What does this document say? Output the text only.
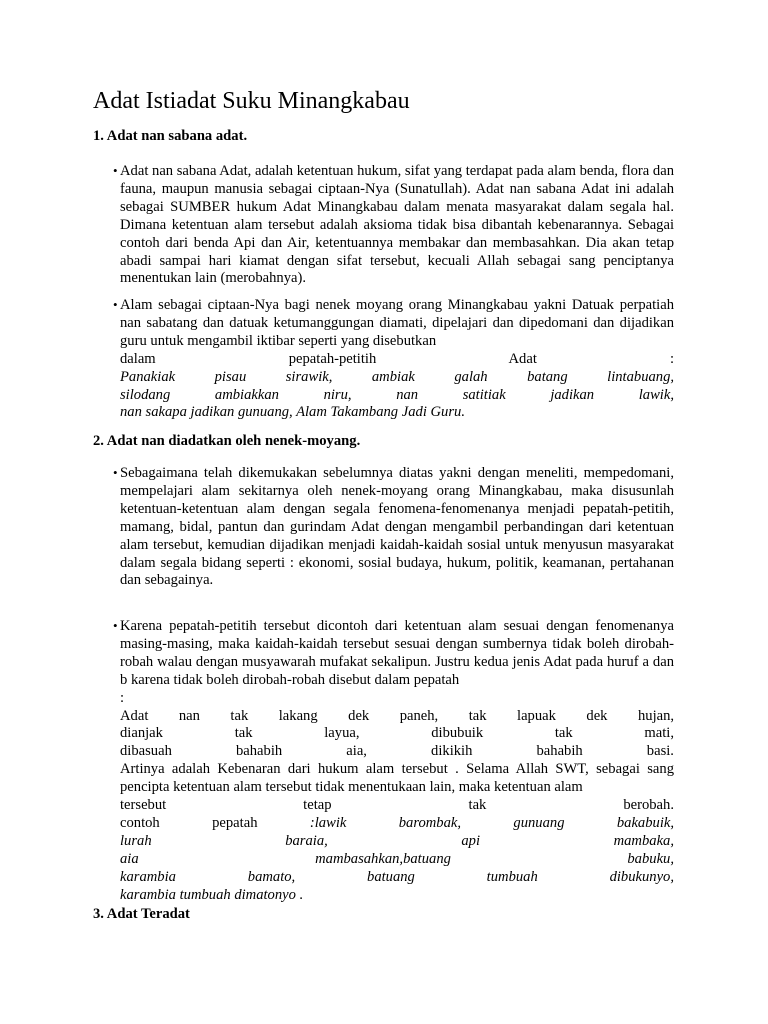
Adat Istiadat Suku Minangkabau
1. Adat nan sabana adat.
• Adat nan sabana Adat, adalah ketentuan hukum, sifat yang terdapat pada alam benda, flora dan fauna, maupun manusia sebagai ciptaan-Nya (Sunatullah). Adat nan sabana Adat ini adalah sebagai SUMBER hukum Adat Minangkabau dalam menata masyarakat dalam segala hal. Dimana ketentuan alam tersebut adalah aksioma tidak bisa dibantah kebenarannya. Sebagai contoh dari benda Api dan Air, ketentuannya membakar dan membasahkan. Dia akan tetap abadi sampai hari kiamat dengan sifat tersebut, kecuali Allah sebagai sang penciptanya menentukan lain (merobahnya).

• Alam sebagai ciptaan-Nya bagi nenek moyang orang Minangkabau yakni Datuak perpatiah nan sabatang dan datuak ketumanggungan diamati, dipelajari dan dipedomani dan dijadikan guru untuk mengambil iktibar seperti yang disebutkan

dalam	pepatah-petitih	Adat	:
Panakiak	pisau	sirawik,	ambiak	galah	batang	lintabuang,
silodang	ambiakkan	niru,	nan	satitiak	jadikan	lawik,
nan sakapa jadikan gunuang, Alam Takambang Jadi Guru.
2. Adat nan diadatkan oleh nenek-moyang.
• Sebagaimana telah dikemukakan sebelumnya diatas yakni dengan meneliti, mempedomani, mempelajari alam sekitarnya oleh nenek-moyang orang Minangkabau, maka disusunlah ketentuan-ketentuan alam dengan segala fenomena-fenomenanya menjadi pepatah-petitih, mamang, bidal, pantun dan gurindam Adat dengan mengambil perbandingan dari ketentuan alam tersebut, kemudian dijadikan menjadi kaidah-kaidah sosial untuk menyusun masyarakat dalam segala bidang seperti : ekonomi, sosial budaya, hukum, politik, keamanan, pertahanan dan sebagainya.

• Karena pepatah-petitih tersebut dicontoh dari ketentuan alam sesuai dengan fenomenanya masing-masing, maka kaidah-kaidah tersebut sesuai dengan sumbernya tidak boleh dirobah-robah walau dengan musyawarah mufakat sekalipun. Justru kedua jenis Adat pada huruf a dan b karena tidak boleh dirobah-robah disebut dalam pepatah

:
Adat nan tak lakang dek paneh, tak lapuak dek hujan,
dianjak	tak	layua,	dibubuik	tak	mati,
dibasuah	bahabih	aia,	dikikih	bahabih	basi.

Artinya adalah Kebenaran dari hukum alam tersebut . Selama Allah SWT, sebagai sang pencipta ketentuan alam tersebut tidak menentukaan lain, maka ketentuan alam

tersebut	tetap	tak	berobah.
contoh	pepatah	:lawik	barombak,	gunuang	bakabuik,
lurah	baraia,	api	mambaka,
aia	mambasahkan,batuang	babuku,
karambia	bamato,	batuang	tumbuah	dibukunyo,
karambia tumbuah dimatonyo .
3. Adat Teradat
